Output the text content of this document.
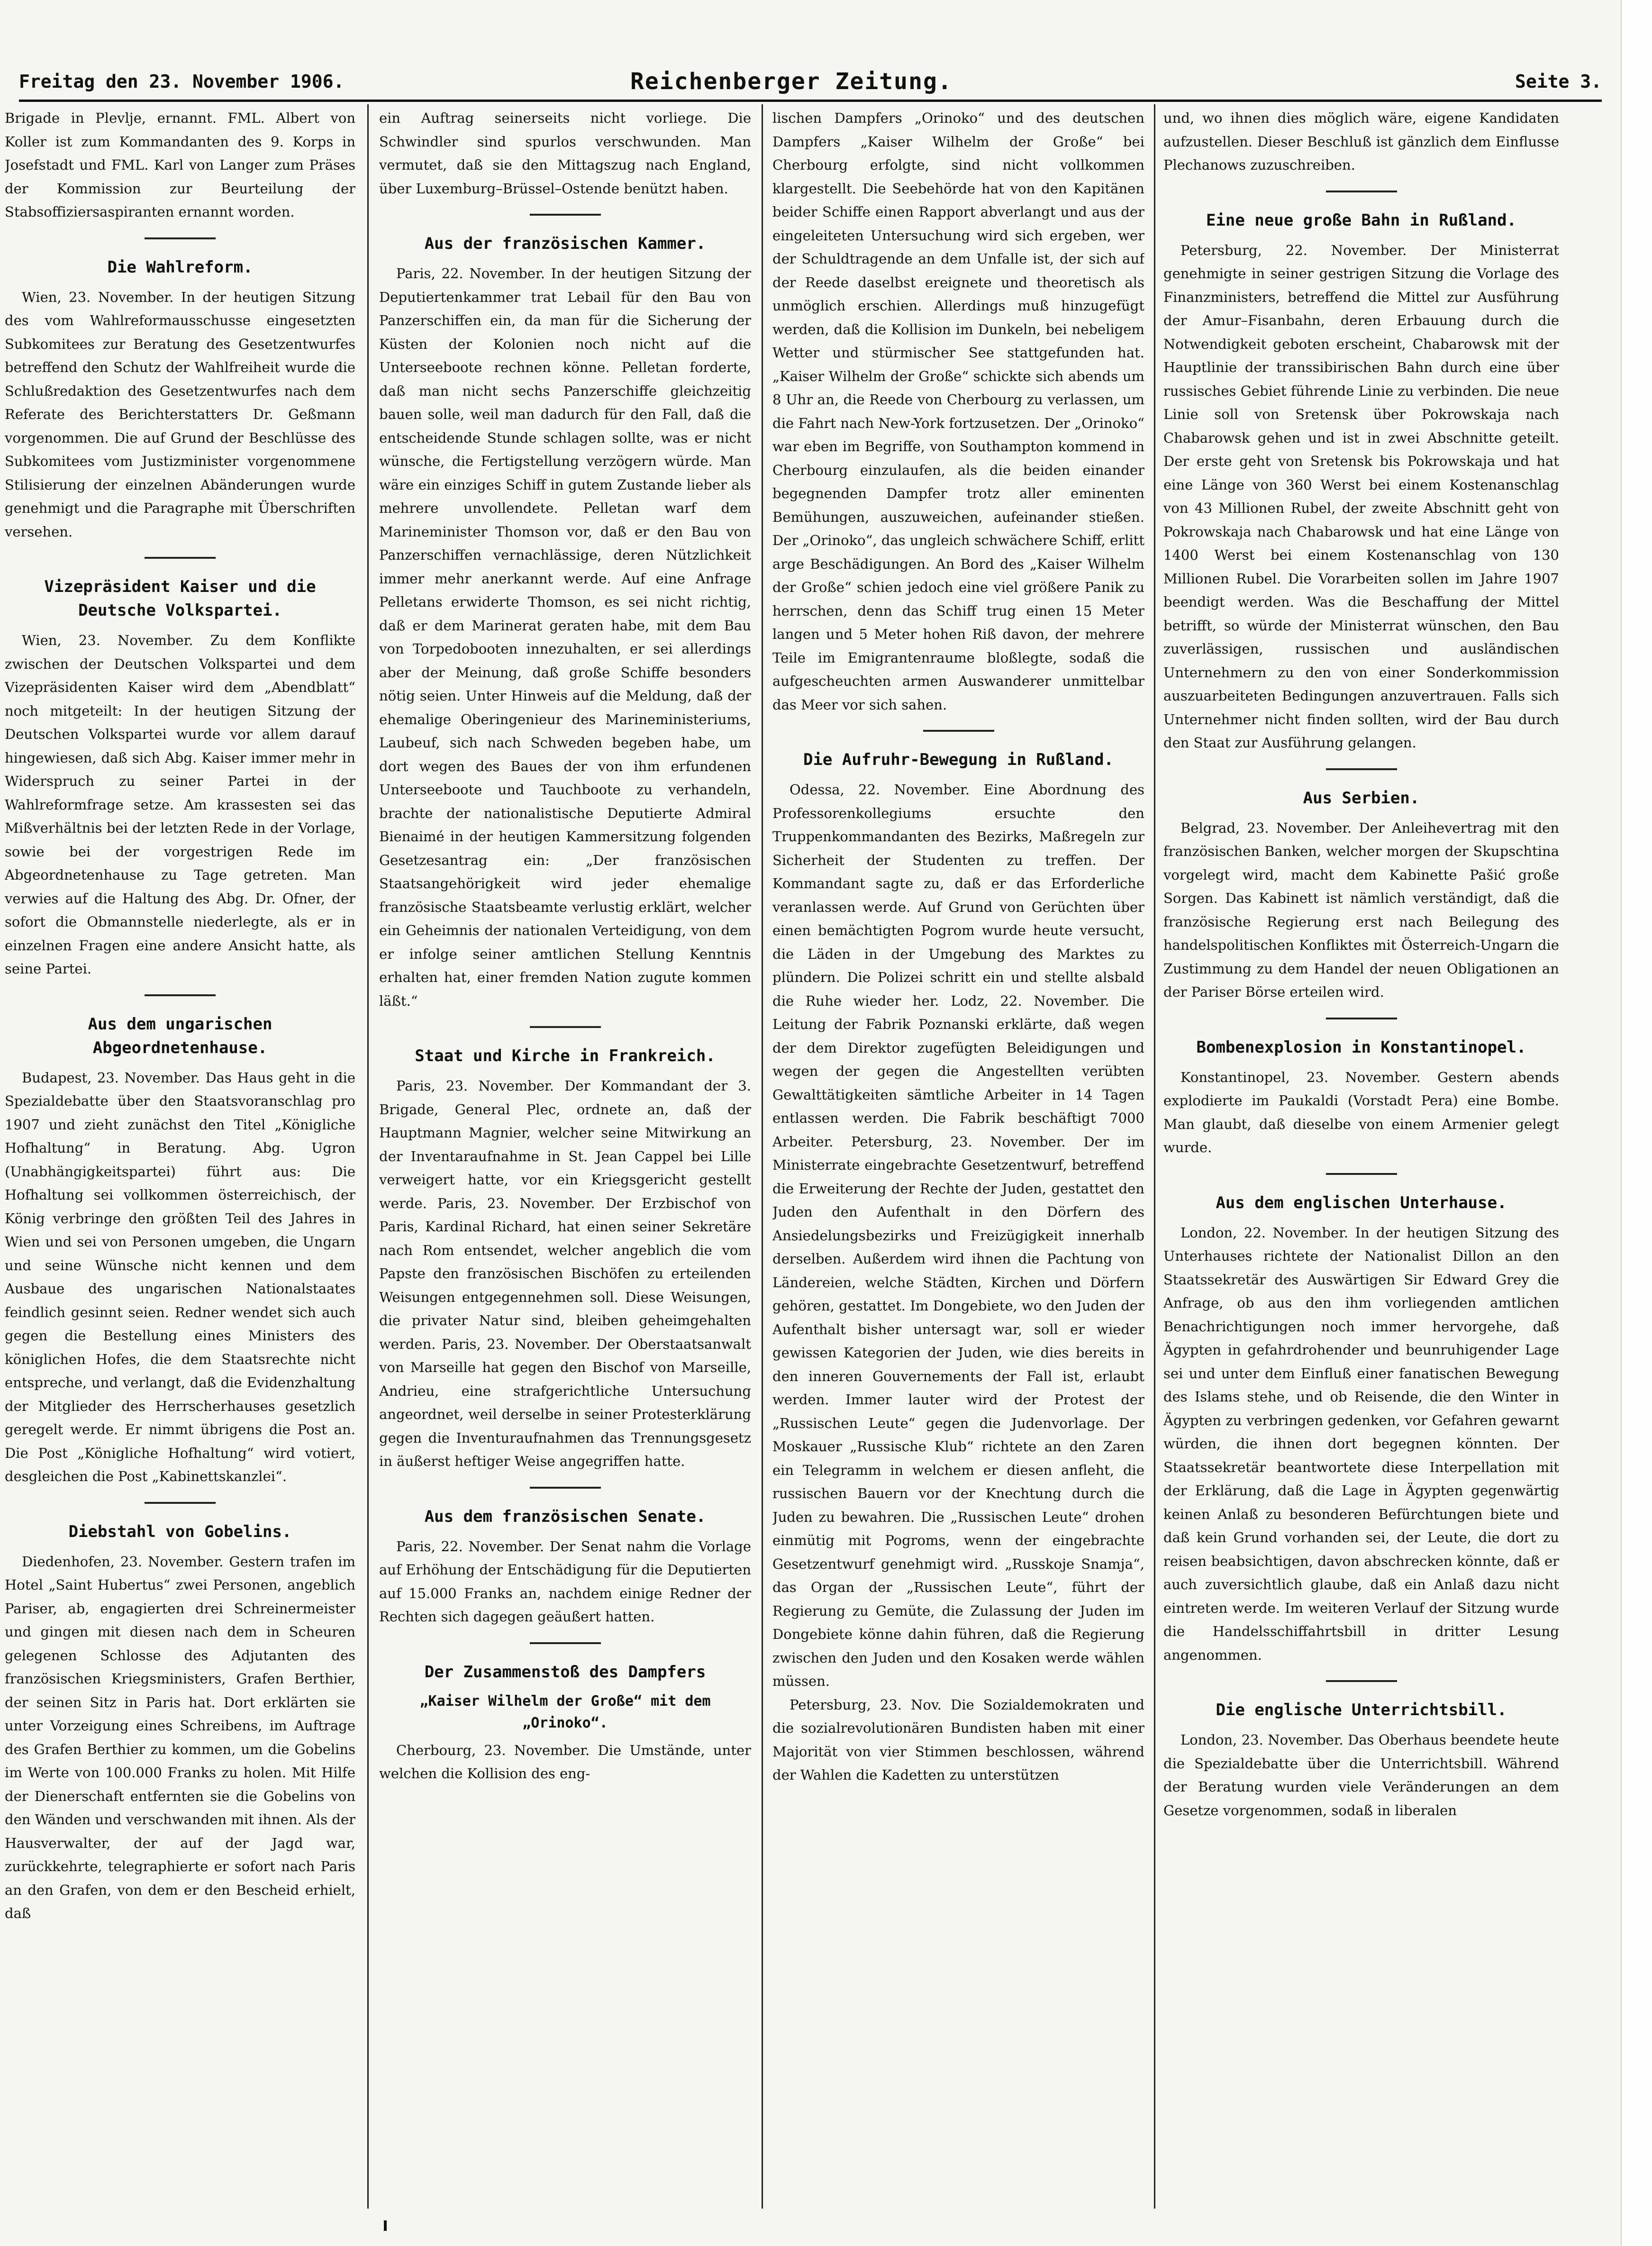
Freitag den 23. November 1906.	Reichenberger Zeitung.	Seite 3.

Brigade in Plevlje, ernannt. FML. Albert von Koller ist zum Kommandanten des 9. Korps in Josefstadt und FML. Karl von Langer zum Präses der Kommission zur Beurteilung der Stabsoffiziersaspiranten ernannt worden.

Die Wahlreform.

Wien, 23. November. In der heutigen Sitzung des vom Wahlreformausschusse eingesetzten Subkomitees zur Beratung des Gesetzentwurfes betreffend den Schutz der Wahlfreiheit wurde die Schlußredaktion des Gesetzentwurfes nach dem Referate des Berichterstatters Dr. Geßmann vorgenommen. Die auf Grund der Beschlüsse des Subkomitees vom Justizminister vorgenommene Stilisierung der einzelnen Abänderungen wurde genehmigt und die Paragraphe mit Überschriften versehen.

Vizepräsident Kaiser und die Deutsche Volkspartei.

Wien, 23. November. Zu dem Konflikte zwischen der Deutschen Volkspartei und dem Vizepräsidenten Kaiser wird dem „Abendblatt“ noch mitgeteilt: In der heutigen Sitzung der Deutschen Volkspartei wurde vor allem darauf hingewiesen, daß sich Abg. Kaiser immer mehr in Widerspruch zu seiner Partei in der Wahlreformfrage setze. Am krassesten sei das Mißverhältnis bei der letzten Rede in der Vorlage, sowie bei der vorgestrigen Rede im Abgeordnetenhause zu Tage getreten. Man verwies auf die Haltung des Abg. Dr. Ofner, der sofort die Obmannstelle niederlegte, als er in einzelnen Fragen eine andere Ansicht hatte, als seine Partei.

Aus dem ungarischen Abgeordnetenhause.

Budapest, 23. November. Das Haus geht in die Spezialdebatte über den Staatsvoranschlag pro 1907 und zieht zunächst den Titel „Königliche Hofhaltung“ in Beratung. Abg. Ugron (Unabhängigkeitspartei) führt aus: Die Hofhaltung sei vollkommen österreichisch, der König verbringe den größten Teil des Jahres in Wien und sei von Personen umgeben, die Ungarn und seine Wünsche nicht kennen und dem Ausbaue des ungarischen Nationalstaates feindlich gesinnt seien. Redner wendet sich auch gegen die Bestellung eines Ministers des königlichen Hofes, die dem Staatsrechte nicht entspreche, und verlangt, daß die Evidenzhaltung der Mitglieder des Herrscherhauses gesetzlich geregelt werde. Er nimmt übrigens die Post an. Die Post „Königliche Hofhaltung“ wird votiert, desgleichen die Post „Kabinettskanzlei“.

Diebstahl von Gobelins.

Diedenhofen, 23. November. Gestern trafen im Hotel „Saint Hubertus“ zwei Personen, angeblich Pariser, ab, engagierten drei Schreinermeister und gingen mit diesen nach dem in Scheuren gelegenen Schlosse des Adjutanten des französischen Kriegsministers, Grafen Berthier, der seinen Sitz in Paris hat. Dort erklärten sie unter Vorzeigung eines Schreibens, im Auftrage des Grafen Berthier zu kommen, um die Gobelins im Werte von 100.000 Franks zu holen. Mit Hilfe der Dienerschaft entfernten sie die Gobelins von den Wänden und verschwanden mit ihnen. Als der Hausverwalter, der auf der Jagd war, zurückkehrte, telegraphierte er sofort nach Paris an den Grafen, von dem er den Bescheid erhielt, daß

ein Auftrag seinerseits nicht vorliege. Die Schwindler sind spurlos verschwunden. Man vermutet, daß sie den Mittagszug nach England, über Luxemburg–Brüssel–Ostende benützt haben.

Aus der französischen Kammer.

Paris, 22. November. In der heutigen Sitzung der Deputiertenkammer trat Lebail für den Bau von Panzerschiffen ein, da man für die Sicherung der Küsten der Kolonien noch nicht auf die Unterseeboote rechnen könne. Pelletan forderte, daß man nicht sechs Panzerschiffe gleichzeitig bauen solle, weil man dadurch für den Fall, daß die entscheidende Stunde schlagen sollte, was er nicht wünsche, die Fertigstellung verzögern würde. Man wäre ein einziges Schiff in gutem Zustande lieber als mehrere unvollendete. Pelletan warf dem Marineminister Thomson vor, daß er den Bau von Panzerschiffen vernachlässige, deren Nützlichkeit immer mehr anerkannt werde. Auf eine Anfrage Pelletans erwiderte Thomson, es sei nicht richtig, daß er dem Marinerat geraten habe, mit dem Bau von Torpedobooten innezuhalten, er sei allerdings aber der Meinung, daß große Schiffe besonders nötig seien. Unter Hinweis auf die Meldung, daß der ehemalige Oberingenieur des Marineministeriums, Laubeuf, sich nach Schweden begeben habe, um dort wegen des Baues der von ihm erfundenen Unterseeboote und Tauchboote zu verhandeln, brachte der nationalistische Deputierte Admiral Bienaimé in der heutigen Kammersitzung folgenden Gesetzesantrag ein: „Der französischen Staatsangehörigkeit wird jeder ehemalige französische Staatsbeamte verlustig erklärt, welcher ein Geheimnis der nationalen Verteidigung, von dem er infolge seiner amtlichen Stellung Kenntnis erhalten hat, einer fremden Nation zugute kommen läßt.“

Staat und Kirche in Frankreich.

Paris, 23. November. Der Kommandant der 3. Brigade, General Plec, ordnete an, daß der Hauptmann Magnier, welcher seine Mitwirkung an der Inventaraufnahme in St. Jean Cappel bei Lille verweigert hatte, vor ein Kriegsgericht gestellt werde. Paris, 23. November. Der Erzbischof von Paris, Kardinal Richard, hat einen seiner Sekretäre nach Rom entsendet, welcher angeblich die vom Papste den französischen Bischöfen zu erteilenden Weisungen entgegennehmen soll. Diese Weisungen, die privater Natur sind, bleiben geheimgehalten werden. Paris, 23. November. Der Oberstaatsanwalt von Marseille hat gegen den Bischof von Marseille, Andrieu, eine strafgerichtliche Untersuchung angeordnet, weil derselbe in seiner Protesterklärung gegen die Inventuraufnahmen das Trennungsgesetz in äußerst heftiger Weise angegriffen hatte.

Aus dem französischen Senate.

Paris, 22. November. Der Senat nahm die Vorlage auf Erhöhung der Entschädigung für die Deputierten auf 15.000 Franks an, nachdem einige Redner der Rechten sich dagegen geäußert hatten.

Der Zusammenstoß des Dampfers
„Kaiser Wilhelm der Große“ mit dem „Orinoko“.

Cherbourg, 23. November. Die Umstände, unter welchen die Kollision des eng-

lischen Dampfers „Orinoko“ und des deutschen Dampfers „Kaiser Wilhelm der Große“ bei Cherbourg erfolgte, sind nicht vollkommen klargestellt. Die Seebehörde hat von den Kapitänen beider Schiffe einen Rapport abverlangt und aus der eingeleiteten Untersuchung wird sich ergeben, wer der Schuldtragende an dem Unfalle ist, der sich auf der Reede daselbst ereignete und theoretisch als unmöglich erschien. Allerdings muß hinzugefügt werden, daß die Kollision im Dunkeln, bei nebeligem Wetter und stürmischer See stattgefunden hat. „Kaiser Wilhelm der Große“ schickte sich abends um 8 Uhr an, die Reede von Cherbourg zu verlassen, um die Fahrt nach New-York fortzusetzen. Der „Orinoko“ war eben im Begriffe, von Southampton kommend in Cherbourg einzulaufen, als die beiden einander begegnenden Dampfer trotz aller eminenten Bemühungen, auszuweichen, aufeinander stießen. Der „Orinoko“, das ungleich schwächere Schiff, erlitt arge Beschädigungen. An Bord des „Kaiser Wilhelm der Große“ schien jedoch eine viel größere Panik zu herrschen, denn das Schiff trug einen 15 Meter langen und 5 Meter hohen Riß davon, der mehrere Teile im Emigrantenraume bloßlegte, sodaß die aufgescheuchten armen Auswanderer unmittelbar das Meer vor sich sahen.

Die Aufruhr-Bewegung in Rußland.

Odessa, 22. November. Eine Abordnung des Professorenkollegiums ersuchte den Truppenkommandanten des Bezirks, Maßregeln zur Sicherheit der Studenten zu treffen. Der Kommandant sagte zu, daß er das Erforderliche veranlassen werde. Auf Grund von Gerüchten über einen bemächtigten Pogrom wurde heute versucht, die Läden in der Umgebung des Marktes zu plündern. Die Polizei schritt ein und stellte alsbald die Ruhe wieder her. Lodz, 22. November. Die Leitung der Fabrik Poznanski erklärte, daß wegen der dem Direktor zugefügten Beleidigungen und wegen der gegen die Angestellten verübten Gewalttätigkeiten sämtliche Arbeiter in 14 Tagen entlassen werden. Die Fabrik beschäftigt 7000 Arbeiter. Petersburg, 23. November. Der im Ministerrate eingebrachte Gesetzentwurf, betreffend die Erweiterung der Rechte der Juden, gestattet den Juden den Aufenthalt in den Dörfern des Ansiedelungsbezirks und Freizügigkeit innerhalb derselben. Außerdem wird ihnen die Pachtung von Ländereien, welche Städten, Kirchen und Dörfern gehören, gestattet. Im Dongebiete, wo den Juden der Aufenthalt bisher untersagt war, soll er wieder gewissen Kategorien der Juden, wie dies bereits in den inneren Gouvernements der Fall ist, erlaubt werden. Immer lauter wird der Protest der „Russischen Leute“ gegen die Judenvorlage. Der Moskauer „Russische Klub“ richtete an den Zaren ein Telegramm in welchem er diesen anfleht, die russischen Bauern vor der Knechtung durch die Juden zu bewahren. Die „Russischen Leute“ drohen einmütig mit Pogroms, wenn der eingebrachte Gesetzentwurf genehmigt wird. „Russkoje Snamja“, das Organ der „Russischen Leute“, führt der Regierung zu Gemüte, die Zulassung der Juden im Dongebiete könne dahin führen, daß die Regierung zwischen den Juden und den Kosaken werde wählen müssen.

Petersburg, 23. Nov. Die Sozialdemokraten und die sozialrevolutionären Bundisten haben mit einer Majorität von vier Stimmen beschlossen, während der Wahlen die Kadetten zu unterstützen

und, wo ihnen dies möglich wäre, eigene Kandidaten aufzustellen. Dieser Beschluß ist gänzlich dem Einflusse Plechanows zuzuschreiben.

Eine neue große Bahn in Rußland.

Petersburg, 22. November. Der Ministerrat genehmigte in seiner gestrigen Sitzung die Vorlage des Finanzministers, betreffend die Mittel zur Ausführung der Amur–Fisanbahn, deren Erbauung durch die Notwendigkeit geboten erscheint, Chabarowsk mit der Hauptlinie der transsibirischen Bahn durch eine über russisches Gebiet führende Linie zu verbinden. Die neue Linie soll von Sretensk über Pokrowskaja nach Chabarowsk gehen und ist in zwei Abschnitte geteilt. Der erste geht von Sretensk bis Pokrowskaja und hat eine Länge von 360 Werst bei einem Kostenanschlag von 43 Millionen Rubel, der zweite Abschnitt geht von Pokrowskaja nach Chabarowsk und hat eine Länge von 1400 Werst bei einem Kostenanschlag von 130 Millionen Rubel. Die Vorarbeiten sollen im Jahre 1907 beendigt werden. Was die Beschaffung der Mittel betrifft, so würde der Ministerrat wünschen, den Bau zuverlässigen, russischen und ausländischen Unternehmern zu den von einer Sonderkommission auszuarbeiteten Bedingungen anzuvertrauen. Falls sich Unternehmer nicht finden sollten, wird der Bau durch den Staat zur Ausführung gelangen.

Aus Serbien.

Belgrad, 23. November. Der Anleihevertrag mit den französischen Banken, welcher morgen der Skupschtina vorgelegt wird, macht dem Kabinette Pašić große Sorgen. Das Kabinett ist nämlich verständigt, daß die französische Regierung erst nach Beilegung des handelspolitischen Konfliktes mit Österreich-Ungarn die Zustimmung zu dem Handel der neuen Obligationen an der Pariser Börse erteilen wird.

Bombenexplosion in Konstantinopel.

Konstantinopel, 23. November. Gestern abends explodierte im Paukaldi (Vorstadt Pera) eine Bombe. Man glaubt, daß dieselbe von einem Armenier gelegt wurde.

Aus dem englischen Unterhause.

London, 22. November. In der heutigen Sitzung des Unterhauses richtete der Nationalist Dillon an den Staatssekretär des Auswärtigen Sir Edward Grey die Anfrage, ob aus den ihm vorliegenden amtlichen Benachrichtigungen noch immer hervorgehe, daß Ägypten in gefahrdrohender und beunruhigender Lage sei und unter dem Einfluß einer fanatischen Bewegung des Islams stehe, und ob Reisende, die den Winter in Ägypten zu verbringen gedenken, vor Gefahren gewarnt würden, die ihnen dort begegnen könnten. Der Staatssekretär beantwortete diese Interpellation mit der Erklärung, daß die Lage in Ägypten gegenwärtig keinen Anlaß zu besonderen Befürchtungen biete und daß kein Grund vorhanden sei, der Leute, die dort zu reisen beabsichtigen, davon abschrecken könnte, daß er auch zuversichtlich glaube, daß ein Anlaß dazu nicht eintreten werde. Im weiteren Verlauf der Sitzung wurde die Handelsschiffahrtsbill in dritter Lesung angenommen.

Die englische Unterrichtsbill.

London, 23. November. Das Oberhaus beendete heute die Spezialdebatte über die Unterrichtsbill. Während der Beratung wurden viele Veränderungen an dem Gesetze vorgenommen, sodaß in liberalen
